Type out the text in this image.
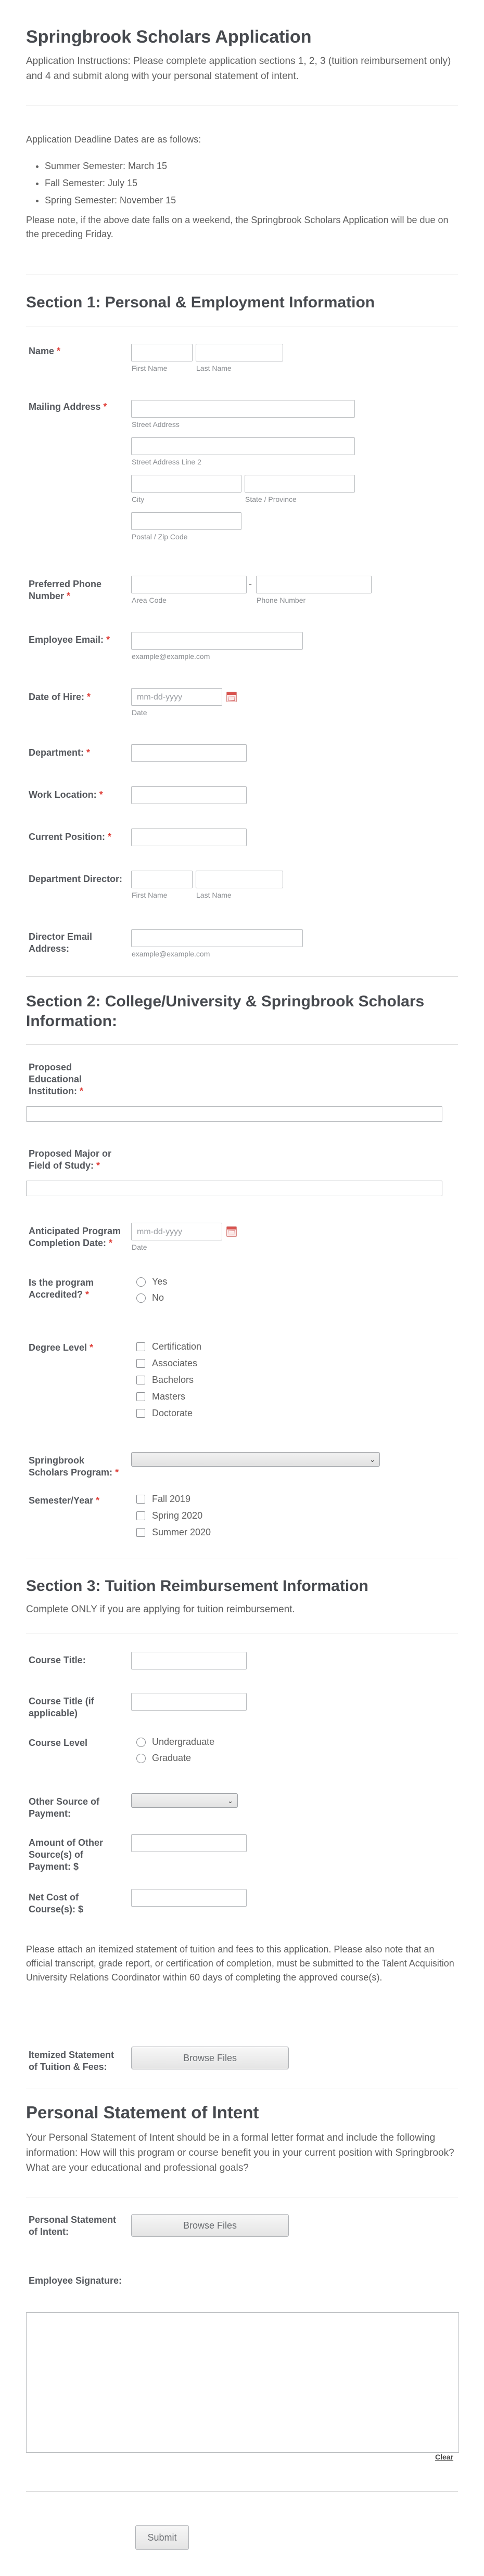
Springbrook Scholars Application
Application Instructions: Please complete application sections 1, 2, 3 (tuition reimbursement only) and 4 and submit along with your personal statement of intent.
Application Deadline Dates are as follows:
• Summer Semester: March 15
• Fall Semester: July 15
• Spring Semester: November 15
Please note, if the above date falls on a weekend, the Springbrook Scholars Application will be due on the preceding Friday.
Section 1: Personal & Employment Information
Name *
First Name	Last Name
Mailing Address *
Street Address
Street Address Line 2
City	State / Province
Postal / Zip Code
Preferred Phone Number *
-
Area Code	Phone Number
Employee Email: *
example@example.com
Date of Hire: *	mm-dd-yyyy
Date
Department: *
Work Location: *
Current Position: *
Department Director:
First Name	Last Name
Director Email Address:	example@example.com
Section 2: College/University & Springbrook Scholars Information:
Proposed Educational Institution: *
Proposed Major or Field of Study: *
Anticipated Program Completion Date: *
mm-dd-yyyy
Date
Is the program Accredited? *
Yes
No
Degree Level *	Certification
Associates
Bachelors
Masters
Doctorate
Springbrook Scholars Program: *
⌄
Semester/Year *	Fall 2019
Spring 2020
Summer 2020
Section 3: Tuition Reimbursement Information
Complete ONLY if you are applying for tuition reimbursement.
Course Title:
Course Title (if applicable)
Course Level	Undergraduate
Graduate
Other Source of Payment:
⌄
Amount of Other Source(s) of Payment: $
Net Cost of Course(s): $
Please attach an itemized statement of tuition and fees to this application. Please also note that an official transcript, grade report, or certification of completion, must be submitted to the Talent Acquisition University Relations Coordinator within 60 days of completing the approved course(s).
Itemized Statement of Tuition & Fees:
Browse Files
Personal Statement of Intent
Your Personal Statement of Intent should be in a formal letter format and include the following information: How will this program or course benefit you in your current position with Springbrook? What are your educational and professional goals?
Personal Statement of Intent:
Browse Files
Employee Signature:
Clear
Submit
